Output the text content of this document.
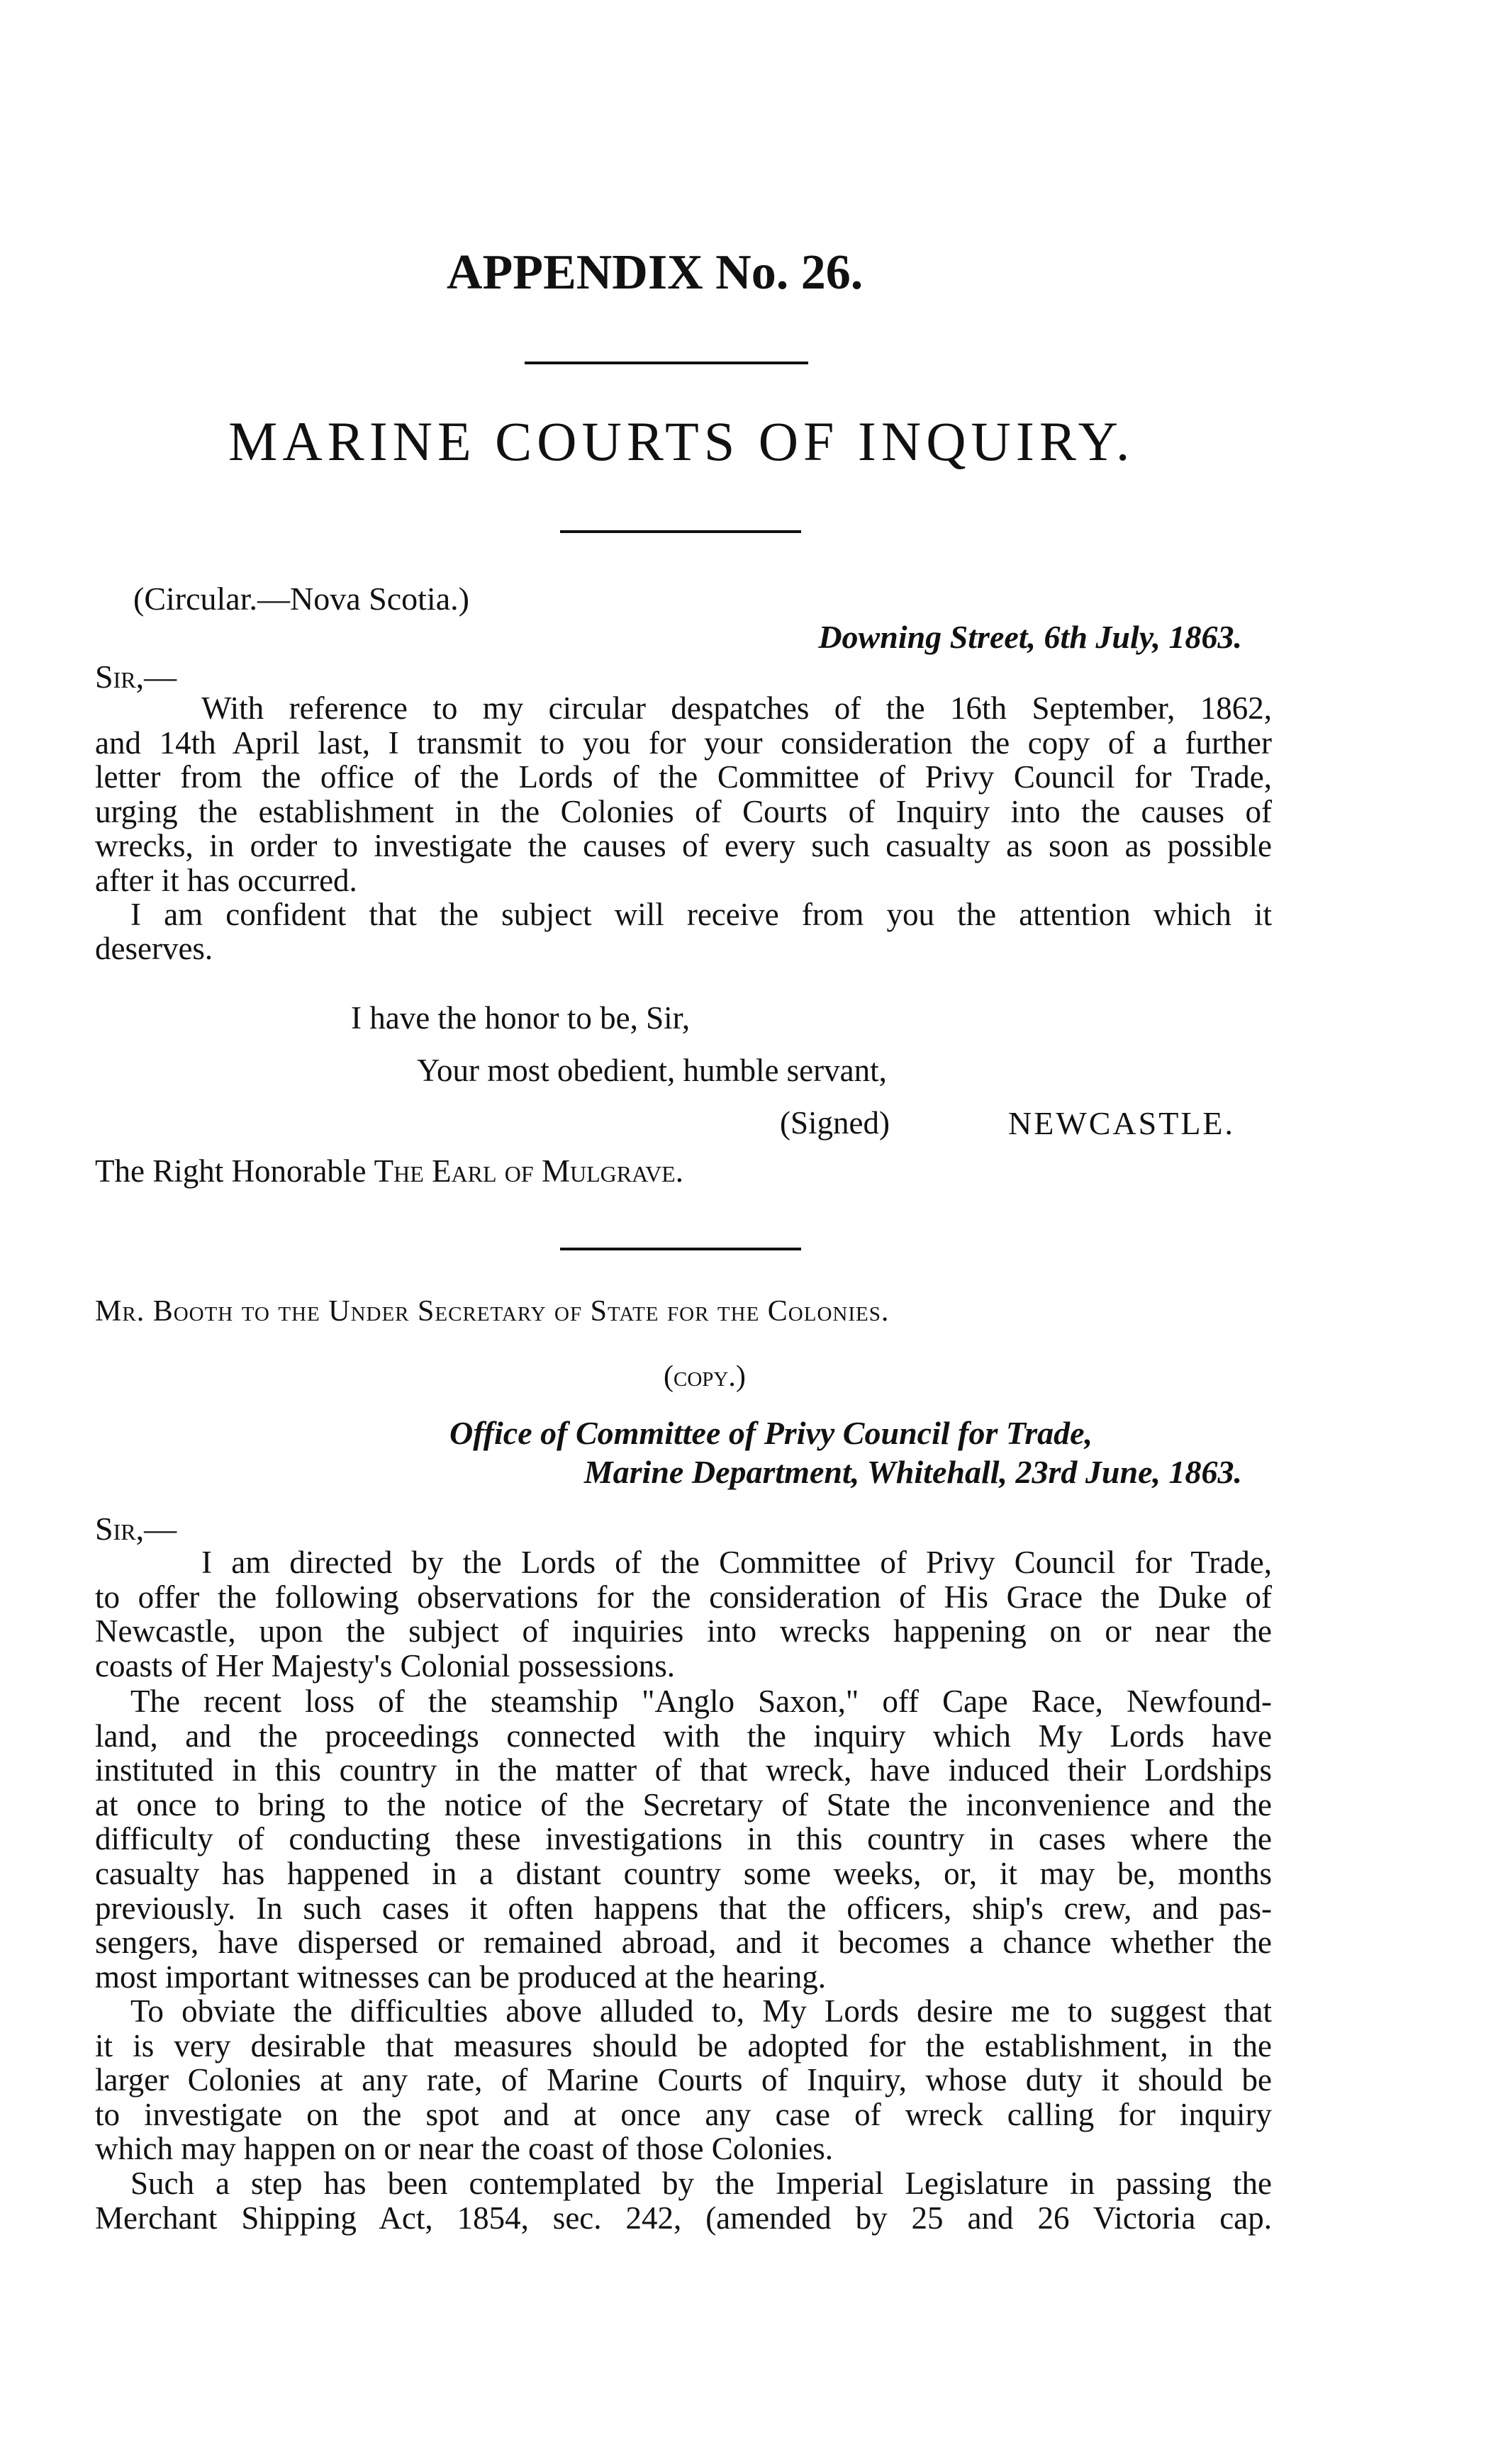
APPENDIX No. 26.
MARINE COURTS OF INQUIRY.
(Circular.—Nova Scotia.)
Downing Street, 6th July, 1863.
Sir,—
With reference to my circular despatches of the 16th September, 1862,
and 14th April last, I transmit to you for your consideration the copy of a further
letter from the office of the Lords of the Committee of Privy Council for Trade,
urging the establishment in the Colonies of Courts of Inquiry into the causes of
wrecks, in order to investigate the causes of every such casualty as soon as possible
after it has occurred.
I am confident that the subject will receive from you the attention which it
deserves.
I have the honor to be, Sir,
Your most obedient, humble servant,
(Signed)	NEWCASTLE.
The Right Honorable The Earl of Mulgrave.
Mr. Booth to the Under Secretary of State for the Colonies.
(copy.)
Office of Committee of Privy Council for Trade,
Marine Department, Whitehall, 23rd June, 1863.
Sir,—
I am directed by the Lords of the Committee of Privy Council for Trade,
to offer the following observations for the consideration of His Grace the Duke of
Newcastle, upon the subject of inquiries into wrecks happening on or near the
coasts of Her Majesty's Colonial possessions.
The recent loss of the steamship "Anglo Saxon," off Cape Race, Newfound-
land, and the proceedings connected with the inquiry which My Lords have
instituted in this country in the matter of that wreck, have induced their Lordships
at once to bring to the notice of the Secretary of State the inconvenience and the
difficulty of conducting these investigations in this country in cases where the
casualty has happened in a distant country some weeks, or, it may be, months
previously. In such cases it often happens that the officers, ship's crew, and pas-
sengers, have dispersed or remained abroad, and it becomes a chance whether the
most important witnesses can be produced at the hearing.
To obviate the difficulties above alluded to, My Lords desire me to suggest that
it is very desirable that measures should be adopted for the establishment, in the
larger Colonies at any rate, of Marine Courts of Inquiry, whose duty it should be
to investigate on the spot and at once any case of wreck calling for inquiry
which may happen on or near the coast of those Colonies.
Such a step has been contemplated by the Imperial Legislature in passing the
Merchant Shipping Act, 1854, sec. 242, (amended by 25 and 26 Victoria cap.
